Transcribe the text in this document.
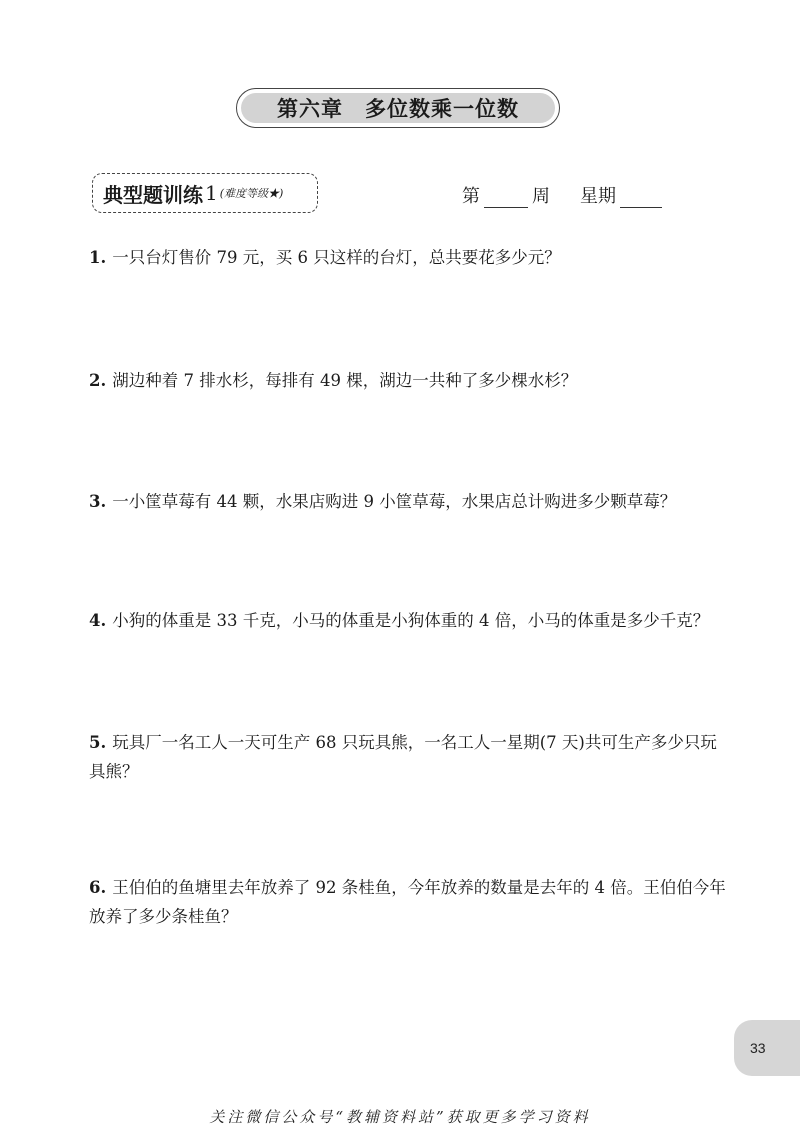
第六章 多位数乘一位数
典型题训练 1 (难度等级★)	第	周 星期
1. 一只台灯售价 79 元，买 6 只这样的台灯，总共要花多少元？
2. 湖边种着 7 排水杉，每排有 49 棵，湖边一共种了多少棵水杉？
3. 一小筐草莓有 44 颗，水果店购进 9 小筐草莓，水果店总计购进多少颗草莓？
4. 小狗的体重是 33 千克，小马的体重是小狗体重的 4 倍，小马的体重是多少千克？
5. 玩具厂一名工人一天可生产 68 只玩具熊，一名工人一星期(7 天)共可生产多少只玩具熊？
6. 王伯伯的鱼塘里去年放养了 92 条桂鱼，今年放养的数量是去年的 4 倍。王伯伯今年放养了多少条桂鱼？
33
关注微信公众号“教辅资料站”获取更多学习资料
